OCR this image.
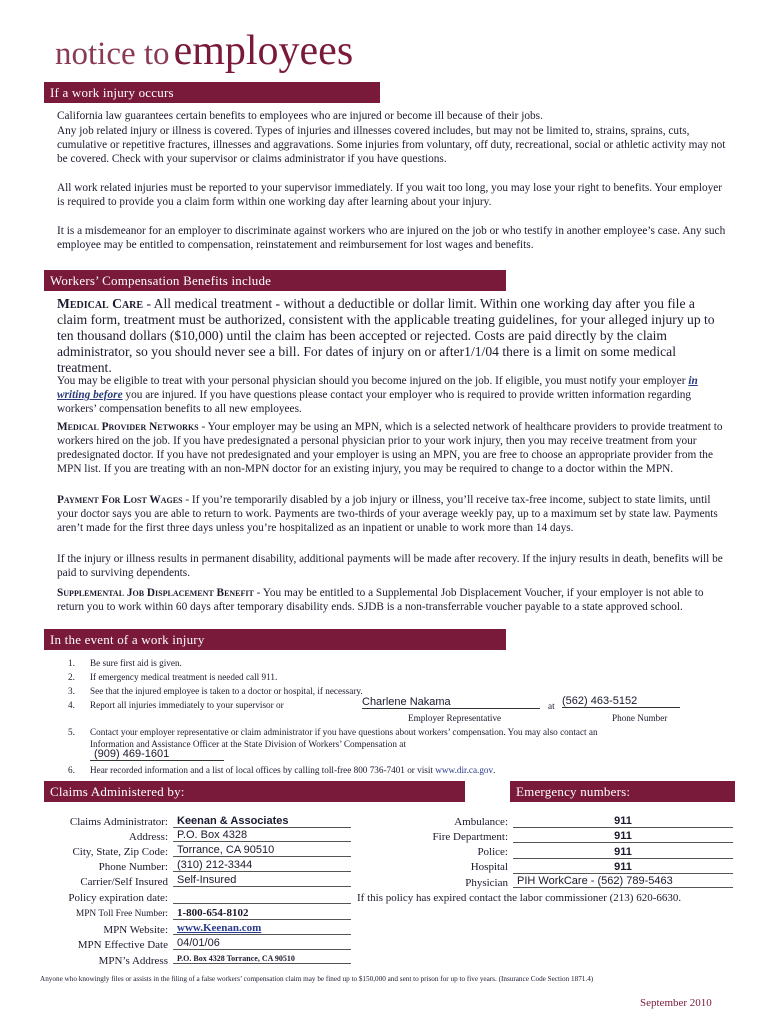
notice to employees
If a work injury occurs

California law guarantees certain benefits to employees who are injured or become ill because of their jobs.

Any job related injury or illness is covered. Types of injuries and illnesses covered includes, but may not be limited to, strains, sprains, cuts, cumulative or repetitive fractures, illnesses and aggravations. Some injuries from voluntary, off duty, recreational, social or athletic activity may not be covered. Check with your supervisor or claims administrator if you have questions.

All work related injuries must be reported to your supervisor immediately. If you wait too long, you may lose your right to benefits. Your employer is required to provide you a claim form within one working day after learning about your injury.

It is a misdemeanor for an employer to discriminate against workers who are injured on the job or who testify in another employee’s case. Any such employee may be entitled to compensation, reinstatement and reimbursement for lost wages and benefits.

Workers’ Compensation Benefits include

Medical Care - All medical treatment - without a deductible or dollar limit. Within one working day after you file a claim form, treatment must be authorized, consistent with the applicable treating guidelines, for your alleged injury up to ten thousand dollars ($10,000) until the claim has been accepted or rejected. Costs are paid directly by the claim administrator, so you should never see a bill. For dates of injury on or after1/1/04 there is a limit on some medical treatment.

You may be eligible to treat with your personal physician should you become injured on the job. If eligible, you must notify your employer in writing before you are injured. If you have questions please contact your employer who is required to provide written information regarding workers’ compensation benefits to all new employees.

Medical Provider Networks - Your employer may be using an MPN, which is a selected network of healthcare providers to provide treatment to workers hired on the job. If you have predesignated a personal physician prior to your work injury, then you may receive treatment from your predesignated doctor. If you have not predesignated and your employer is using an MPN, you are free to choose an appropriate provider from the MPN list. If you are treating with an non-MPN doctor for an existing injury, you may be required to change to a doctor within the MPN.

Payment For Lost Wages - If you’re temporarily disabled by a job injury or illness, you’ll receive tax-free income, subject to state limits, until your doctor says you are able to return to work. Payments are two-thirds of your average weekly pay, up to a maximum set by state law. Payments aren’t made for the first three days unless you’re hospitalized as an inpatient or unable to work more than 14 days.

If the injury or illness results in permanent disability, additional payments will be made after recovery. If the injury results in death, benefits will be paid to surviving dependents.

Supplemental Job Displacement Benefit - You may be entitled to a Supplemental Job Displacement Voucher, if your employer is not able to return you to work within 60 days after temporary disability ends. SJDB is a non-transferrable voucher payable to a state approved school.

In the event of a work injury
1. Be sure first aid is given.
2. If emergency medical treatment is needed call 911.
3. See that the injured employee is taken to a doctor or hospital, if necessary.
4. Report all injuries immediately to your supervisor or
5. Contact your employer representative or claim administrator if you have questions about workers’ compensation. You may also contact an
Information and Assistance Officer at the State Division of Workers’ Compensation at
6. Hear recorded information and a list of local offices by calling toll-free 800 736-7401 or visit www.dir.ca.gov.
Charlene Nakama	at (562) 463-5152
Employer Representative	Phone Number
(909) 469-1601
Claims Administered by:	Emergency numbers:
Claims Administrator: Keenan & Associates
Address: P.O. Box 4328
City, State, Zip Code: Torrance, CA 90510
Phone Number: (310) 212-3344
Carrier/Self Insured Self-Insured
Policy expiration date:
MPN Toll Free Number: 1-800-654-8102
MPN Website: www.Keenan.com
MPN Effective Date 04/01/06
MPN’s Address	P.O. Box 4328 Torrance, CA 90510
Ambulance:	911
Fire Department:	911
Police:	911
Hospital	911
Physician PIH WorkCare - (562) 789-5463
If this policy has expired contact the labor commissioner (213) 620-6630.
Anyone who knowingly files or assists in the filing of a false workers’ compensation claim may be fined up to $150,000 and sent to prison for up to five years. (Insurance Code Section 1871.4)
September 2010
